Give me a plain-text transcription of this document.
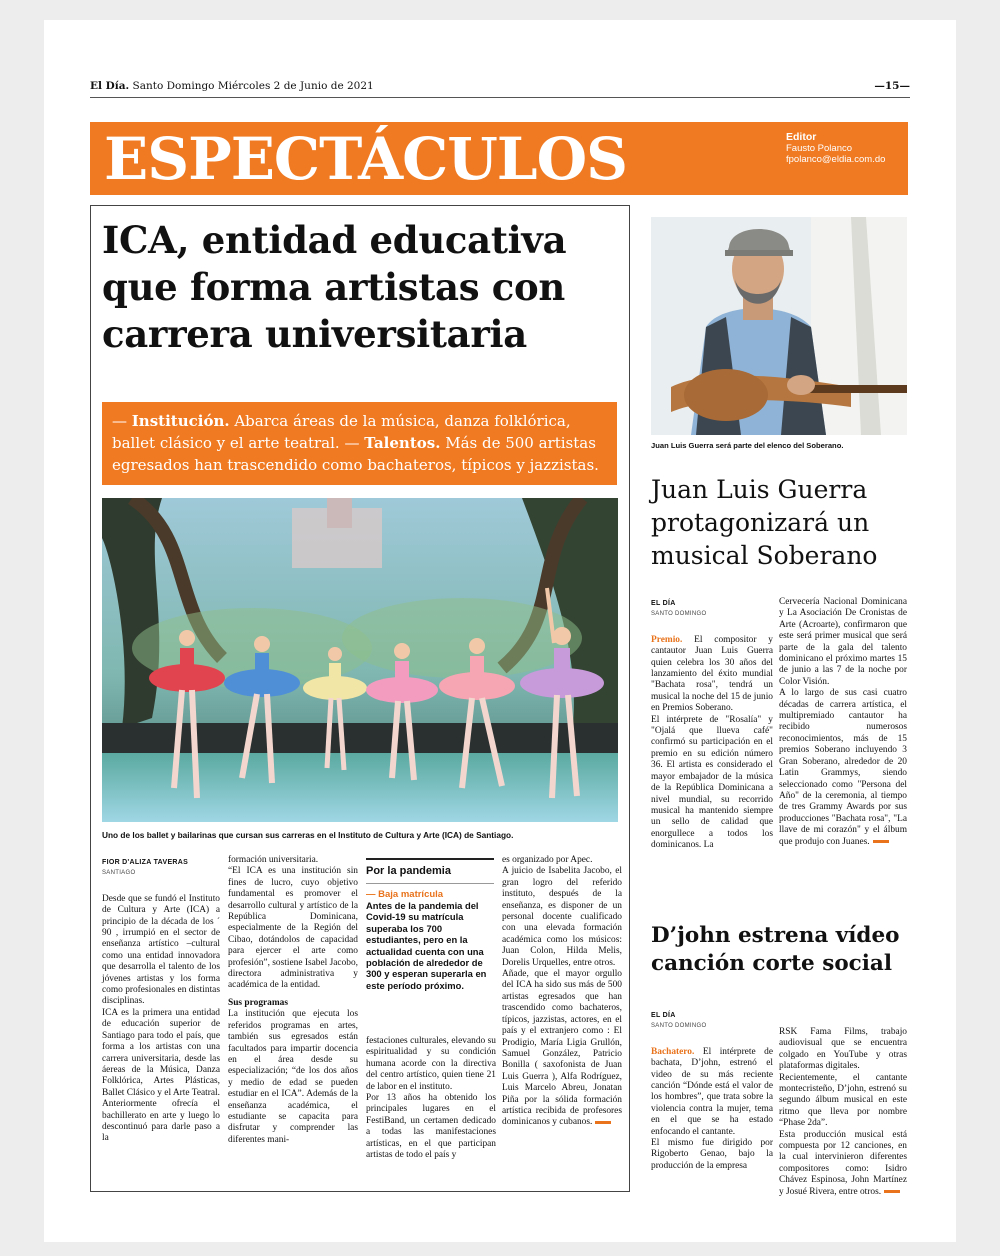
El Día. Santo Domingo Miércoles 2 de Junio de 2021	—15—
ESPECTÁCULOS	Editor
Fausto Polanco
fpolanco@eldia.com.do
ICA, entidad educativa que forma artistas con carrera universitaria
— Institución. Abarca áreas de la música, danza folklórica, ballet clásico y el arte teatral. — Talentos. Más de 500 artistas egresados han trascendido como bachateros, típicos y jazzistas.
Uno de los ballet y bailarinas que cursan sus carreras en el Instituto de Cultura y Arte (ICA) de Santiago.
FIOR D'ALIZA TAVERAS
SANTIAGO

Desde que se fundó el Instituto de Cultura y Arte (ICA) a principio de la década de los ´ 90 , irrumpió en el sector de enseñanza artístico –cultural como una entidad innovadora que desarrolla el talento de los jóvenes artistas y los forma como profesionales en distintas disciplinas.

ICA es la primera una entidad de educación superior de Santiago para todo el país, que forma a los artistas con una carrera universitaria, desde las áereas de la Música, Danza Folklórica, Artes Plásticas, Ballet Clásico y el Arte Teatral. Anteriormente ofrecía el bachillerato en arte y luego lo descontinuó para darle paso a la

formación universitaria.

“El ICA es una institución sin fines de lucro, cuyo objetivo fundamental es promover el desarrollo cultural y artístico de la República Dominicana, especialmente de la Región del Cibao, dotándolos de capacidad para ejercer el arte como profesión”, sostiene Isabel Jacobo, directora administrativa y académica de la entidad.

Sus programas

La institución que ejecuta los referidos programas en artes, también sus egresados están facultados para impartir docencia en el área desde su especialización; “de los dos años y medio de edad se pueden estudiar en el ICA”. Además de la enseñanza académica, el estudiante se capacita para disfrutar y comprender las diferentes mani-

Por la pandemia
— Baja matrícula
Antes de la pandemia del Covid-19 su matrícula superaba los 700 estudiantes, pero en la actualidad cuenta con una población de alrededor de 300 y esperan superarla en este período próximo.

festaciones culturales, elevando su espiritualidad y su condición humana acorde con la directiva del centro artístico, quien tiene 21 de labor en el instituto.

Por 13 años ha obtenido los principales lugares en el FestiBand, un certamen dedicado a todas las manifestaciones artísticas, en el que participan artistas de todo el país y

es organizado por Apec.

A juicio de Isabelita Jacobo, el gran logro del referido instituto, después de la enseñanza, es disponer de un personal docente cualificado con una elevada formación académica como los músicos: Juan Colon, Hilda Melis, Dorelis Urquelles, entre otros.

Añade, que el mayor orgullo del ICA ha sido sus más de 500 artistas egresados que han trascendido como bachateros, típicos, jazzistas, actores, en el país y el extranjero como : El Prodigio, María Ligia Grullón, Samuel González, Patricio Bonilla ( saxofonista de Juan Luis Guerra ), Alfa Rodríguez, Luis Marcelo Abreu, Jonatan Piña por la sólida formación artística recibida de profesores dominicanos y cubanos.

Juan Luis Guerra será parte del elenco del Soberano.
Juan Luis Guerra protagonizará un musical Soberano
EL DÍA
SANTO DOMINGO

Premio. El compositor y cantautor Juan Luis Guerra quien celebra los 30 años del lanzamiento del éxito mundial "Bachata rosa", tendrá un musical la noche del 15 de junio en Premios Soberano.

El intérprete de "Rosalía" y "Ojalá que llueva café" confirmó su participación en el premio en su edición número 36. El artista es considerado el mayor embajador de la música de la República Dominicana a nivel mundial, su recorrido musical ha mantenido siempre un sello de calidad que enorgullece a todos los dominicanos. La

Cervecería Nacional Dominicana y La Asociación De Cronistas de Arte (Acroarte), confirmaron que este será primer musical que será parte de la gala del talento dominicano el próximo martes 15 de junio a las 7 de la noche por Color Visión.

A lo largo de sus casi cuatro décadas de carrera artística, el multipremiado cantautor ha recibido numerosos reconocimientos, más de 15 premios Soberano incluyendo 3 Gran Soberano, alrededor de 20 Latin Grammys, siendo seleccionado como "Persona del Año" de la ceremonia, al tiempo de tres Grammy Awards por sus producciones "Bachata rosa", "La llave de mi corazón" y el álbum que produjo con Juanes.

D’john estrena vídeo canción corte social
EL DÍA
SANTO DOMINGO

Bachatero. El intérprete de bachata, D’john, estrenó el video de su más reciente canción “Dónde está el valor de los hombres”, que trata sobre la violencia contra la mujer, tema en el que se ha estado enfocando el cantante.

El mismo fue dirigido por Rigoberto Genao, bajo la producción de la empresa

RSK Fama Films, trabajo audiovisual que se encuentra colgado en YouTube y otras plataformas digitales.

Recientemente, el cantante montecristeño, D’john, estrenó su segundo álbum musical en este ritmo que lleva por nombre “Phase 2da”.

Esta producción musical está compuesta por 12 canciones, en la cual intervinieron diferentes compositores como: Isidro Chávez Espinosa, John Martínez y Josué Rivera, entre otros.
